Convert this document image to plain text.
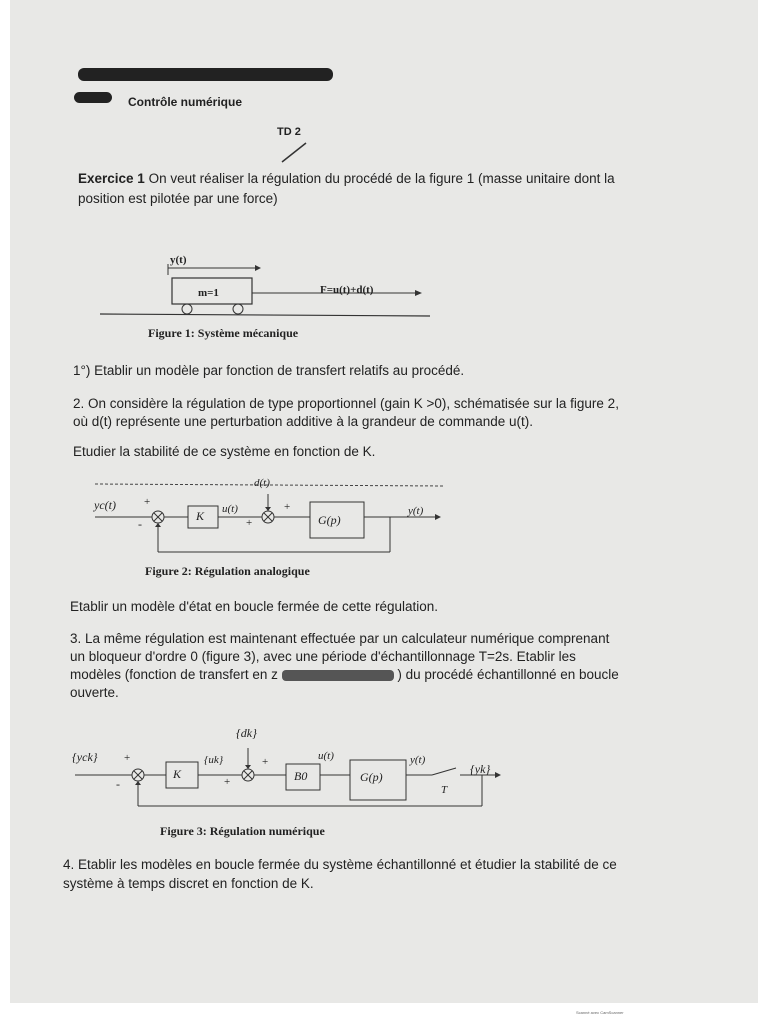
Contrôle numérique
TD 2
Exercice 1 On veut réaliser la régulation du procédé de la figure 1 (masse unitaire dont la
position est pilotée par une force)
y(t)
m=1	F=u(t)+d(t)
Figure 1: Système mécanique
1°) Etablir un modèle par fonction de transfert relatifs au procédé.
2. On considère la régulation de type proportionnel (gain K >0), schématisée sur la figure 2,
où d(t) représente une perturbation additive à la grandeur de commande u(t).
Etudier la stabilité de ce système en fonction de K.
yc(t)	+
-
K u(t)
d(t)
+
+	G(p)
y(t)
Figure 2: Régulation analogique
Etablir un modèle d'état en boucle fermée de cette régulation.
3. La même régulation est maintenant effectuée par un calculateur numérique comprenant
un bloqueur d'ordre 0 (figure 3), avec une période d'échantillonnage T=2s. Etablir les
modèles (fonction de transfert en z	) du procédé échantillonné en boucle
ouverte.
{yck} +
-
K
{uk}
{dk}
+
+	B0
u(t)
G(p)
y(t)
{yk}
T
Figure 3: Régulation numérique
4. Etablir les modèles en boucle fermée du système échantillonné et étudier la stabilité de ce
système à temps discret en fonction de K.
Scanné avec CamScanner
